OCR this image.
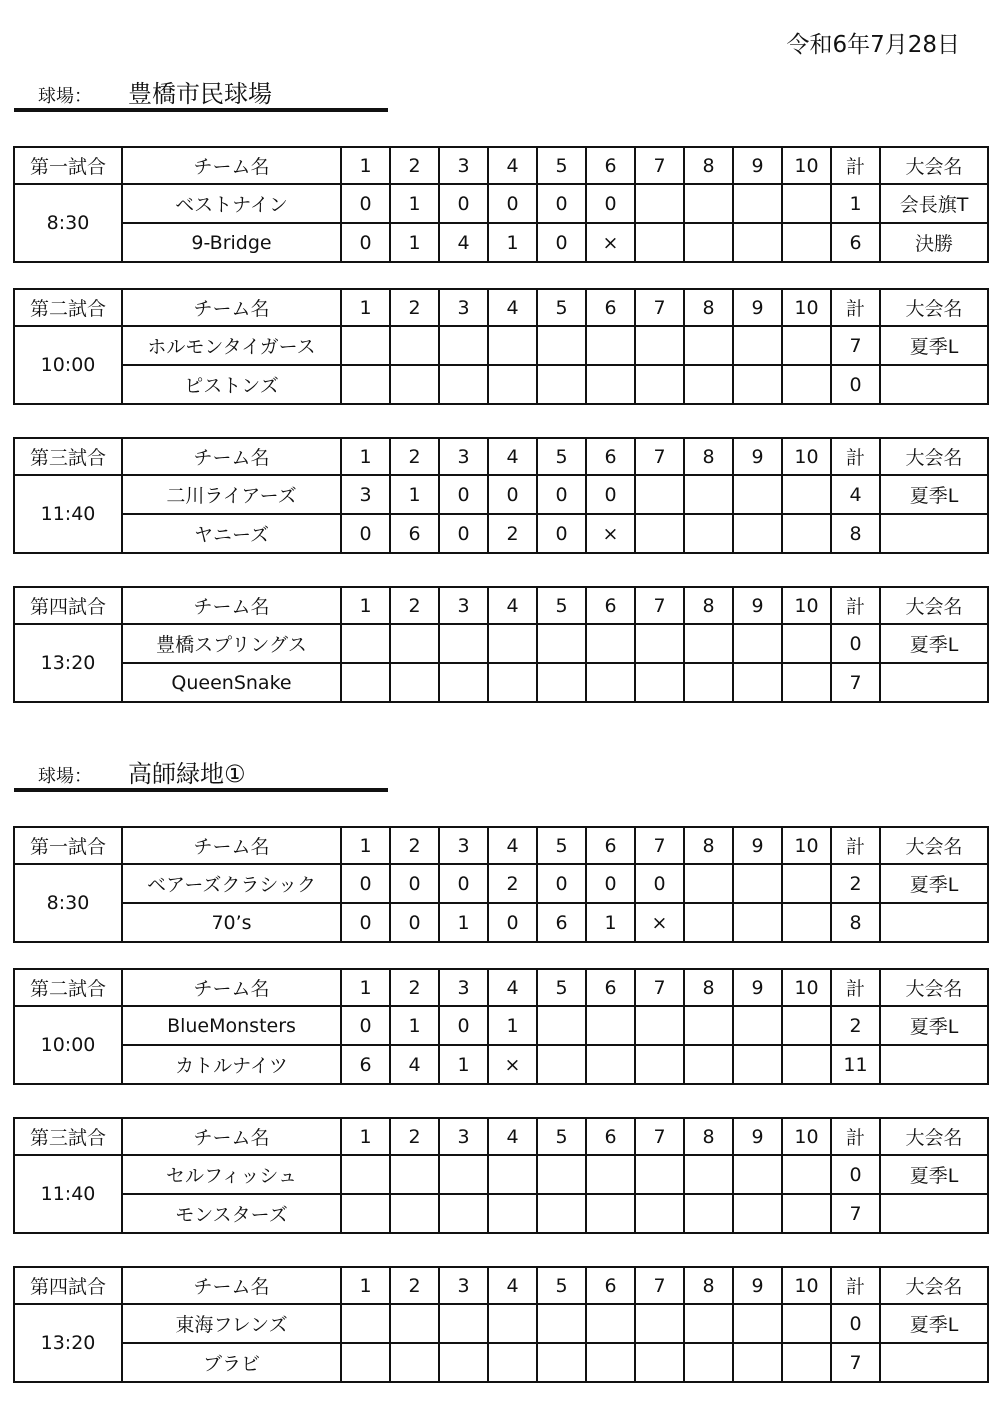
令和6年7月28日
球場： 豊橋市民球場
第一試合	チーム名	1	2	3	4	5	6	7	8	9	10	計	大会名
8:30	ベストナイン	0	1	0	0	0	0					1	会長旗T
	9-Bridge	0	1	4	1	0	×					6	決勝
第二試合	チーム名	1	2	3	4	5	6	7	8	9	10	計	大会名
10:00	ホルモンタイガース											7	夏季L
	ピストンズ											0	
第三試合	チーム名	1	2	3	4	5	6	7	8	9	10	計	大会名
11:40	二川ライアーズ	3	1	0	0	0	0					4	夏季L
	ヤニーズ	0	6	0	2	0	×					8	
第四試合	チーム名	1	2	3	4	5	6	7	8	9	10	計	大会名
13:20	豊橋スプリングス											0	夏季L
	QueenSnake											7	
球場： 高師緑地①
第一試合	チーム名	1	2	3	4	5	6	7	8	9	10	計	大会名
8:30	ベアーズクラシック	0	0	0	2	0	0	0				2	夏季L
	70’s	0	0	1	0	6	1	×				8	
第二試合	チーム名	1	2	3	4	5	6	7	8	9	10	計	大会名
10:00	BlueMonsters	0	1	0	1							2	夏季L
	カトルナイツ	6	4	1	×							11	
第三試合	チーム名	1	2	3	4	5	6	7	8	9	10	計	大会名
11:40	セルフィッシュ											0	夏季L
	モンスターズ											7	
第四試合	チーム名	1	2	3	4	5	6	7	8	9	10	計	大会名
13:20	東海フレンズ											0	夏季L
	ブラビ											7	
